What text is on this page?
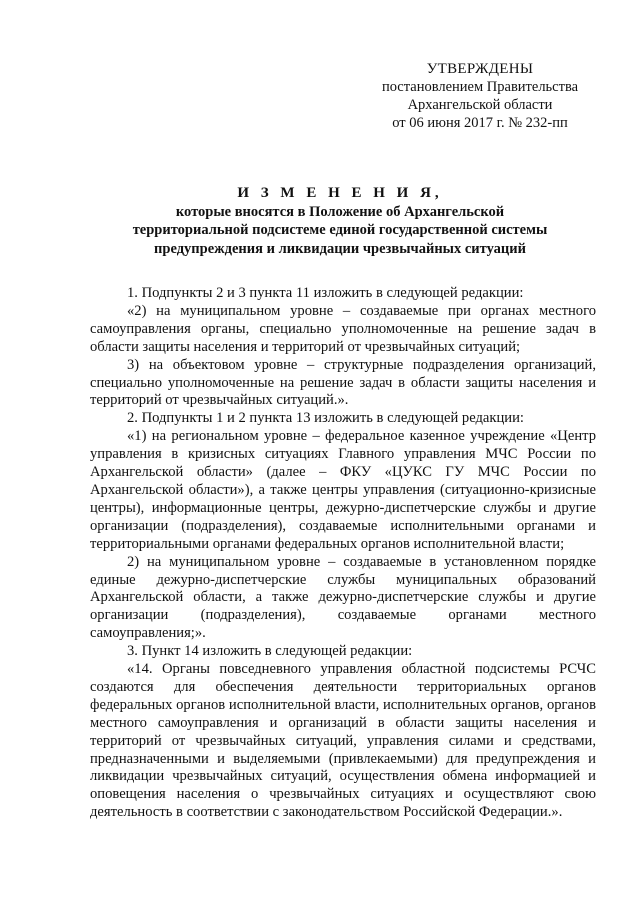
УТВЕРЖДЕНЫ
постановлением Правительства
Архангельской области
от 06 июня 2017 г. № 232-пп
И З М Е Н Е Н И Я,
которые вносятся в Положение об Архангельской
территориальной подсистеме единой государственной системы
предупреждения и ликвидации чрезвычайных ситуаций

1. Подпункты 2 и 3 пункта 11 изложить в следующей редакции:

«2) на муниципальном уровне – создаваемые при органах местного самоуправления органы, специально уполномоченные на решение задач в области защиты населения и территорий от чрезвычайных ситуаций;

3) на объектовом уровне – структурные подразделения организаций, специально уполномоченные на решение задач в области защиты населения и территорий от чрезвычайных ситуаций.».

2. Подпункты 1 и 2 пункта 13 изложить в следующей редакции:

«1) на региональном уровне – федеральное казенное учреждение «Центр управления в кризисных ситуациях Главного управления МЧС России по Архангельской области» (далее – ФКУ «ЦУКС ГУ МЧС России по Архангельской области»), а также центры управления (ситуационно-кризисные центры), информационные центры, дежурно-диспетчерские службы и другие организации (подразделения), создаваемые исполнительными органами и территориальными органами федеральных органов исполнительной власти;

2) на муниципальном уровне – создаваемые в установленном порядке единые дежурно-диспетчерские службы муниципальных образований Архангельской области, а также дежурно-диспетчерские службы и другие организации (подразделения), создаваемые органами местного самоуправления;».

3. Пункт 14 изложить в следующей редакции:

«14. Органы повседневного управления областной подсистемы РСЧС создаются для обеспечения деятельности территориальных органов федеральных органов исполнительной власти, исполнительных органов, органов местного самоуправления и организаций в области защиты населения и территорий от чрезвычайных ситуаций, управления силами и средствами, предназначенными и выделяемыми (привлекаемыми) для предупреждения и ликвидации чрезвычайных ситуаций, осуществления обмена информацией и оповещения населения о чрезвычайных ситуациях и осуществляют свою деятельность в соответствии с законодательством Российской Федерации.».
